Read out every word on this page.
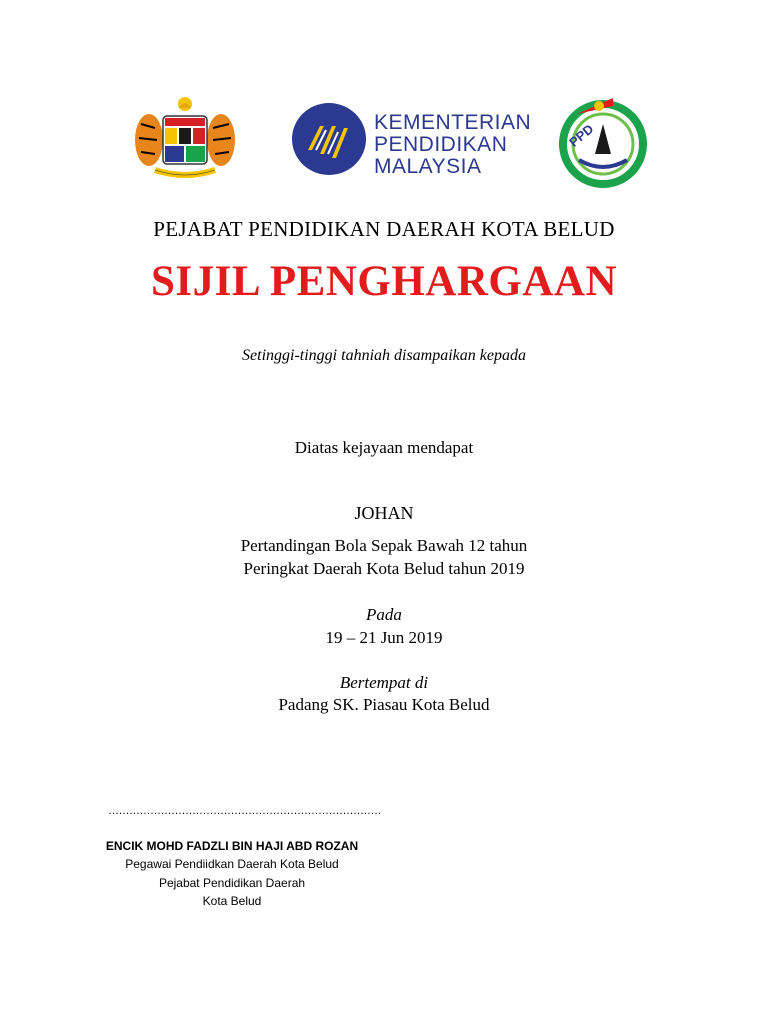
KEMENTERIAN
PENDIDIKAN
MALAYSIA
PPD
PEJABAT PENDIDIKAN DAERAH KOTA BELUD
SIJIL PENGHARGAAN
Setinggi-tinggi tahniah disampaikan kepada
Diatas kejayaan mendapat
JOHAN
Pertandingan Bola Sepak Bawah 12 tahun
Peringkat Daerah Kota Belud tahun 2019
Pada
19 – 21 Jun 2019
Bertempat di
Padang SK. Piasau Kota Belud
……………………………………………………………………
ENCIK MOHD FADZLI BIN HAJI ABD ROZAN
Pegawai Pendiidkan Daerah Kota Belud
Pejabat Pendidikan Daerah
Kota Belud
